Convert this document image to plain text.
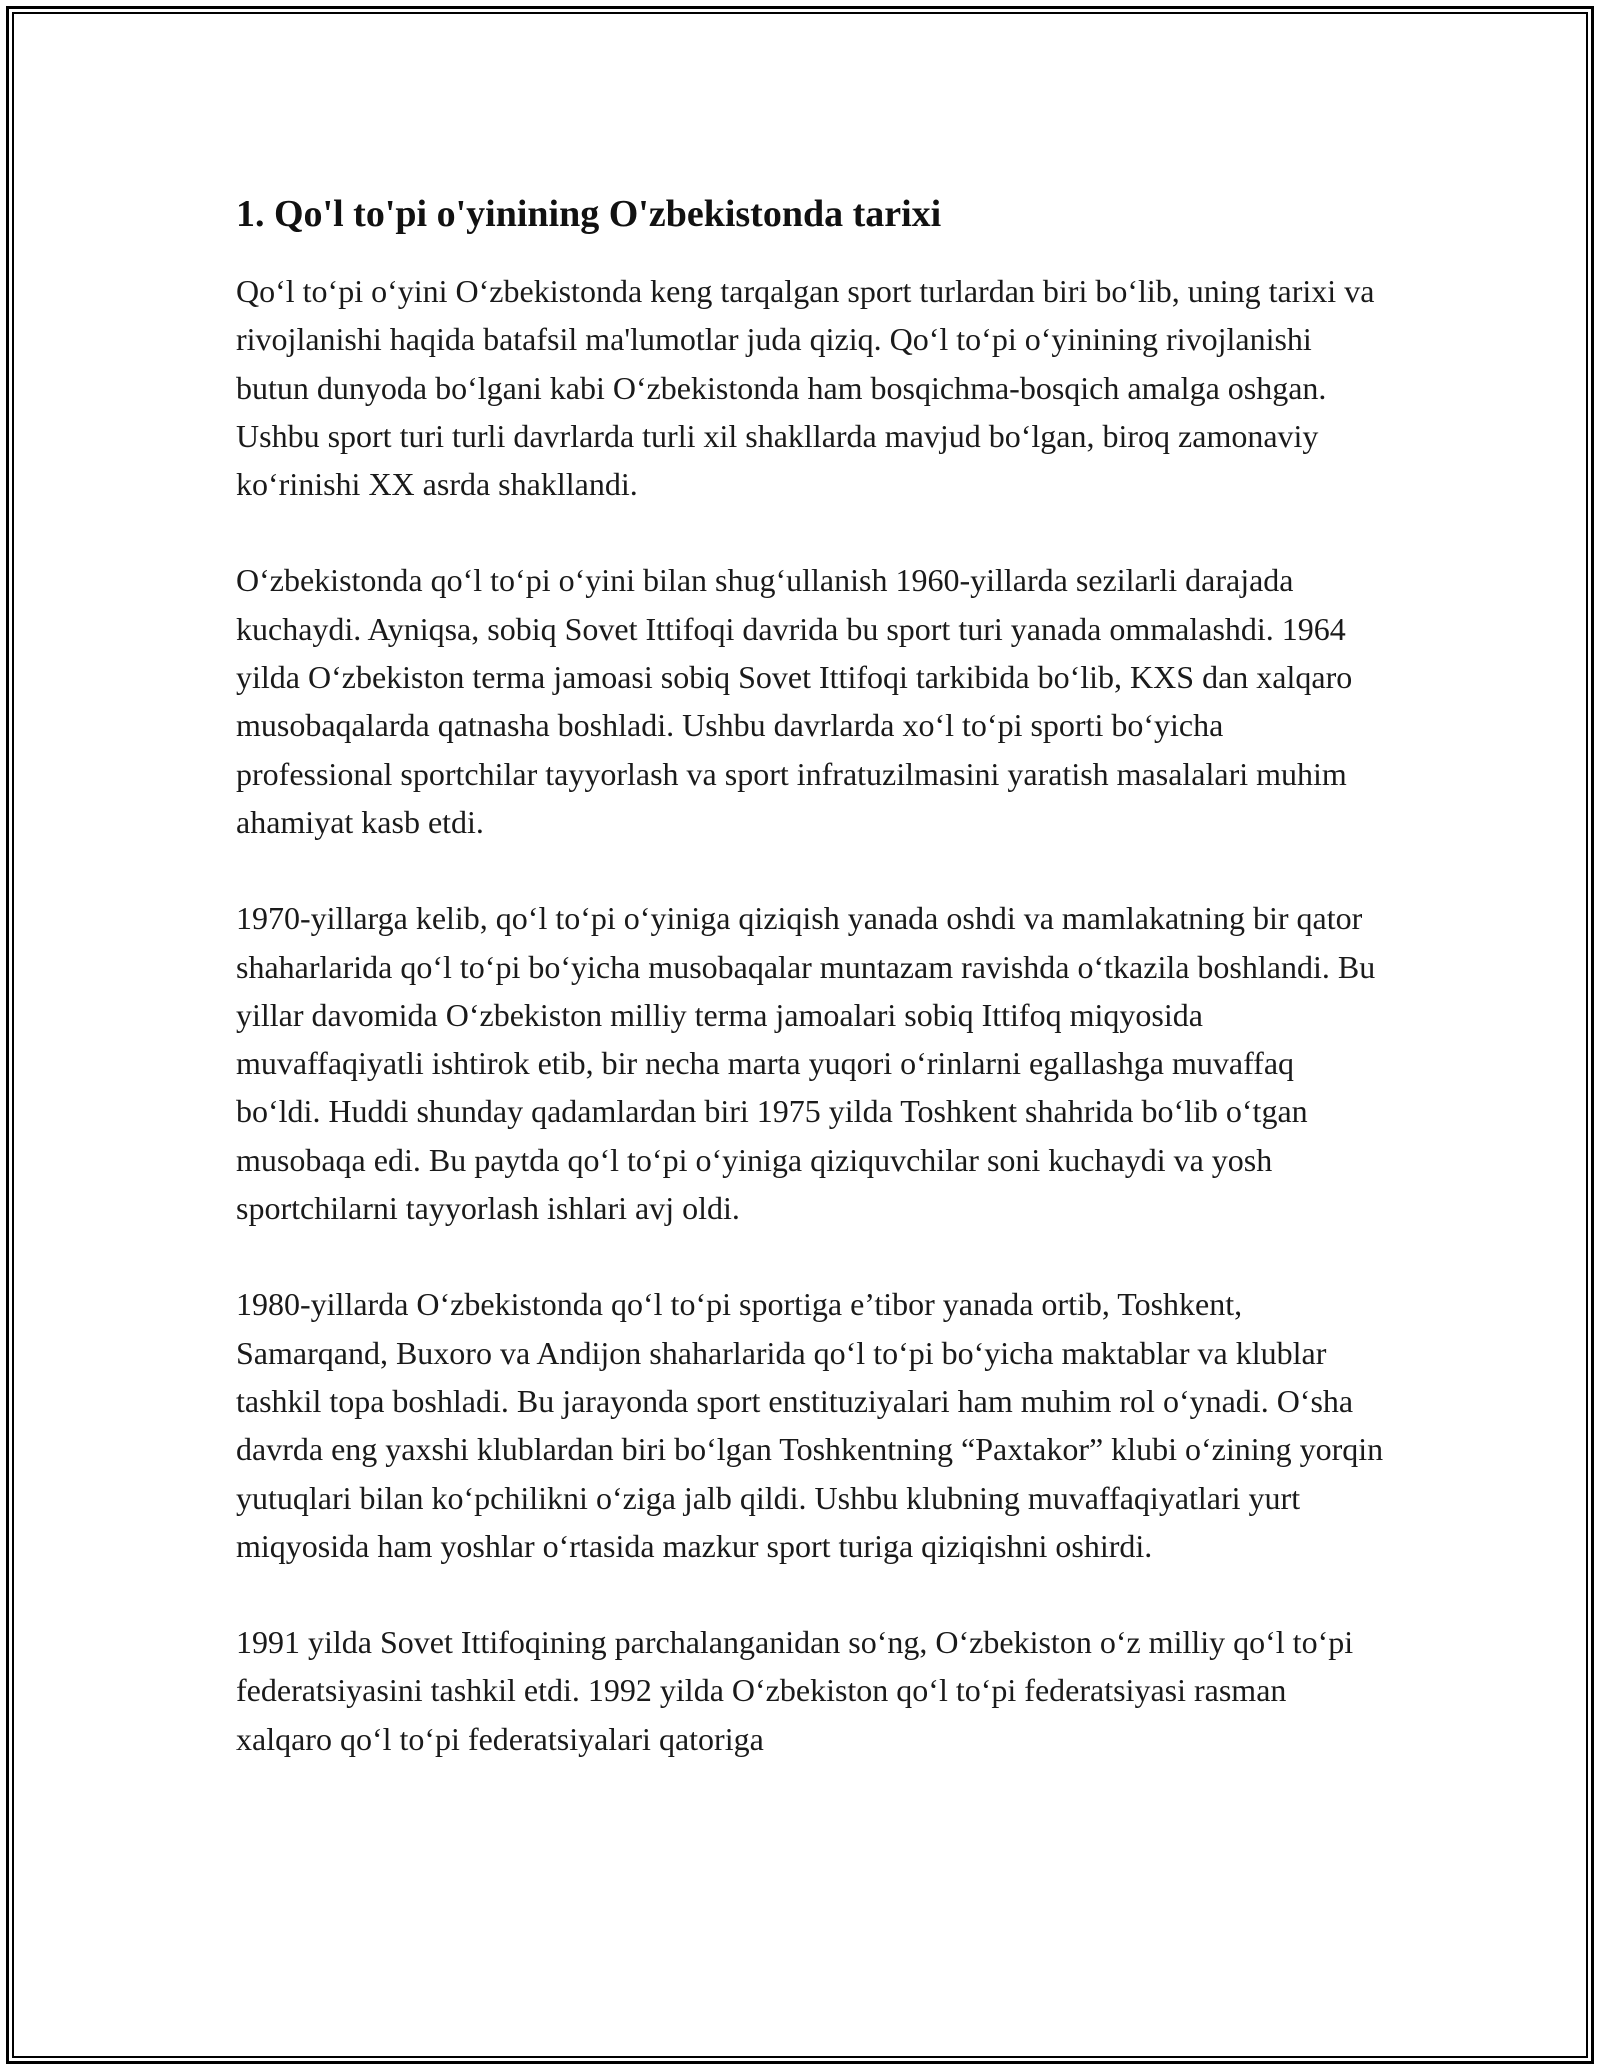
1. Qo'l to'pi o'yinining O'zbekistonda tarixi

Qo‘l to‘pi o‘yini O‘zbekistonda keng tarqalgan sport turlardan biri bo‘lib, uning tarixi va rivojlanishi haqida batafsil ma'lumotlar juda qiziq. Qo‘l to‘pi o‘yinining rivojlanishi butun dunyoda bo‘lgani kabi O‘zbekistonda ham bosqichma-bosqich amalga oshgan. Ushbu sport turi turli davrlarda turli xil shakllarda mavjud bo‘lgan, biroq zamonaviy ko‘rinishi XX asrda shakllandi.

O‘zbekistonda qo‘l to‘pi o‘yini bilan shug‘ullanish 1960-yillarda sezilarli darajada kuchaydi. Ayniqsa, sobiq Sovet Ittifoqi davrida bu sport turi yanada ommalashdi. 1964 yilda O‘zbekiston terma jamoasi sobiq Sovet Ittifoqi tarkibida bo‘lib, KXS dan xalqaro musobaqalarda qatnasha boshladi. Ushbu davrlarda xo‘l to‘pi sporti bo‘yicha professional sportchilar tayyorlash va sport infratuzilmasini yaratish masalalari muhim ahamiyat kasb etdi.

1970-yillarga kelib, qo‘l to‘pi o‘yiniga qiziqish yanada oshdi va mamlakatning bir qator shaharlarida qo‘l to‘pi bo‘yicha musobaqalar muntazam ravishda o‘tkazila boshlandi. Bu yillar davomida O‘zbekiston milliy terma jamoalari sobiq Ittifoq miqyosida muvaffaqiyatli ishtirok etib, bir necha marta yuqori o‘rinlarni egallashga muvaffaq bo‘ldi. Huddi shunday qadamlardan biri 1975 yilda Toshkent shahrida bo‘lib o‘tgan musobaqa edi. Bu paytda qo‘l to‘pi o‘yiniga qiziquvchilar soni kuchaydi va yosh sportchilarni tayyorlash ishlari avj oldi.

1980-yillarda O‘zbekistonda qo‘l to‘pi sportiga e’tibor yanada ortib, Toshkent, Samarqand, Buxoro va Andijon shaharlarida qo‘l to‘pi bo‘yicha maktablar va klublar tashkil topa boshladi. Bu jarayonda sport enstituziyalari ham muhim rol o‘ynadi. O‘sha davrda eng yaxshi klublardan biri bo‘lgan Toshkentning “Paxtakor” klubi o‘zining yorqin yutuqlari bilan ko‘pchilikni o‘ziga jalb qildi. Ushbu klubning muvaffaqiyatlari yurt miqyosida ham yoshlar o‘rtasida mazkur sport turiga qiziqishni oshirdi.

1991 yilda Sovet Ittifoqining parchalanganidan so‘ng, O‘zbekiston o‘z milliy qo‘l to‘pi federatsiyasini tashkil etdi. 1992 yilda O‘zbekiston qo‘l to‘pi federatsiyasi rasman xalqaro qo‘l to‘pi federatsiyalari qatoriga
